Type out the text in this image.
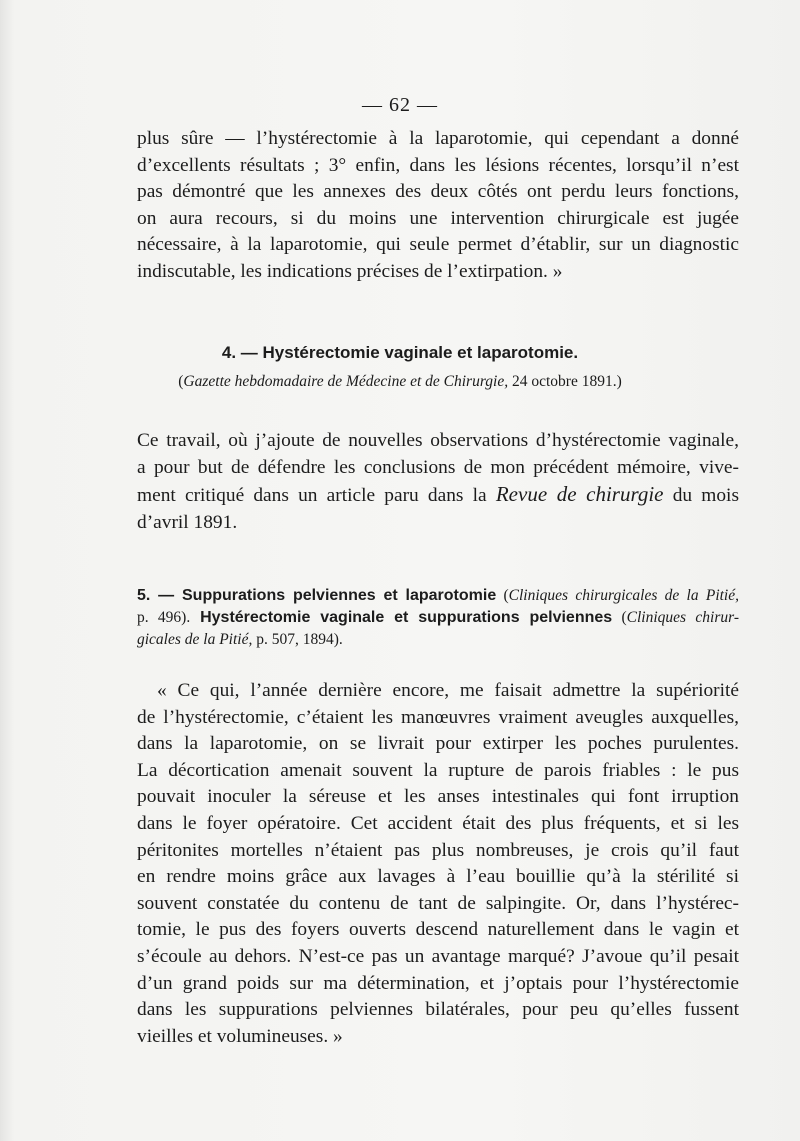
— 62 —
plus sûre — l’hystérectomie à la laparotomie, qui cependant a donné
d’excellents résultats ; 3° enfin, dans les lésions récentes, lorsqu’il n’est
pas démontré que les annexes des deux côtés ont perdu leurs fonctions,
on aura recours, si du moins une intervention chirurgicale est jugée
nécessaire, à la laparotomie, qui seule permet d’établir, sur un diagnostic
indiscutable, les indications précises de l’extirpation. »
4. — Hystérectomie vaginale et laparotomie.
(Gazette hebdomadaire de Médecine et de Chirurgie, 24 octobre 1891.)
Ce travail, où j’ajoute de nouvelles observations d’hystérectomie vaginale,
a pour but de défendre les conclusions de mon précédent mémoire, vive-
ment critiqué dans un article paru dans la Revue de chirurgie du mois
d’avril 1891.
5. — Suppurations pelviennes et laparotomie (Cliniques chirurgicales de la Pitié,
p. 496). Hystérectomie vaginale et suppurations pelviennes (Cliniques chirur-
gicales de la Pitié, p. 507, 1894).
« Ce qui, l’année dernière encore, me faisait admettre la supériorité
de l’hystérectomie, c’étaient les manœuvres vraiment aveugles auxquelles,
dans la laparotomie, on se livrait pour extirper les poches purulentes.
La décortication amenait souvent la rupture de parois friables : le pus
pouvait inoculer la séreuse et les anses intestinales qui font irruption
dans le foyer opératoire. Cet accident était des plus fréquents, et si les
péritonites mortelles n’étaient pas plus nombreuses, je crois qu’il faut
en rendre moins grâce aux lavages à l’eau bouillie qu’à la stérilité si
souvent constatée du contenu de tant de salpingite. Or, dans l’hystérec-
tomie, le pus des foyers ouverts descend naturellement dans le vagin et
s’écoule au dehors. N’est-ce pas un avantage marqué? J’avoue qu’il pesait
d’un grand poids sur ma détermination, et j’optais pour l’hystérectomie
dans les suppurations pelviennes bilatérales, pour peu qu’elles fussent
vieilles et volumineuses. »
